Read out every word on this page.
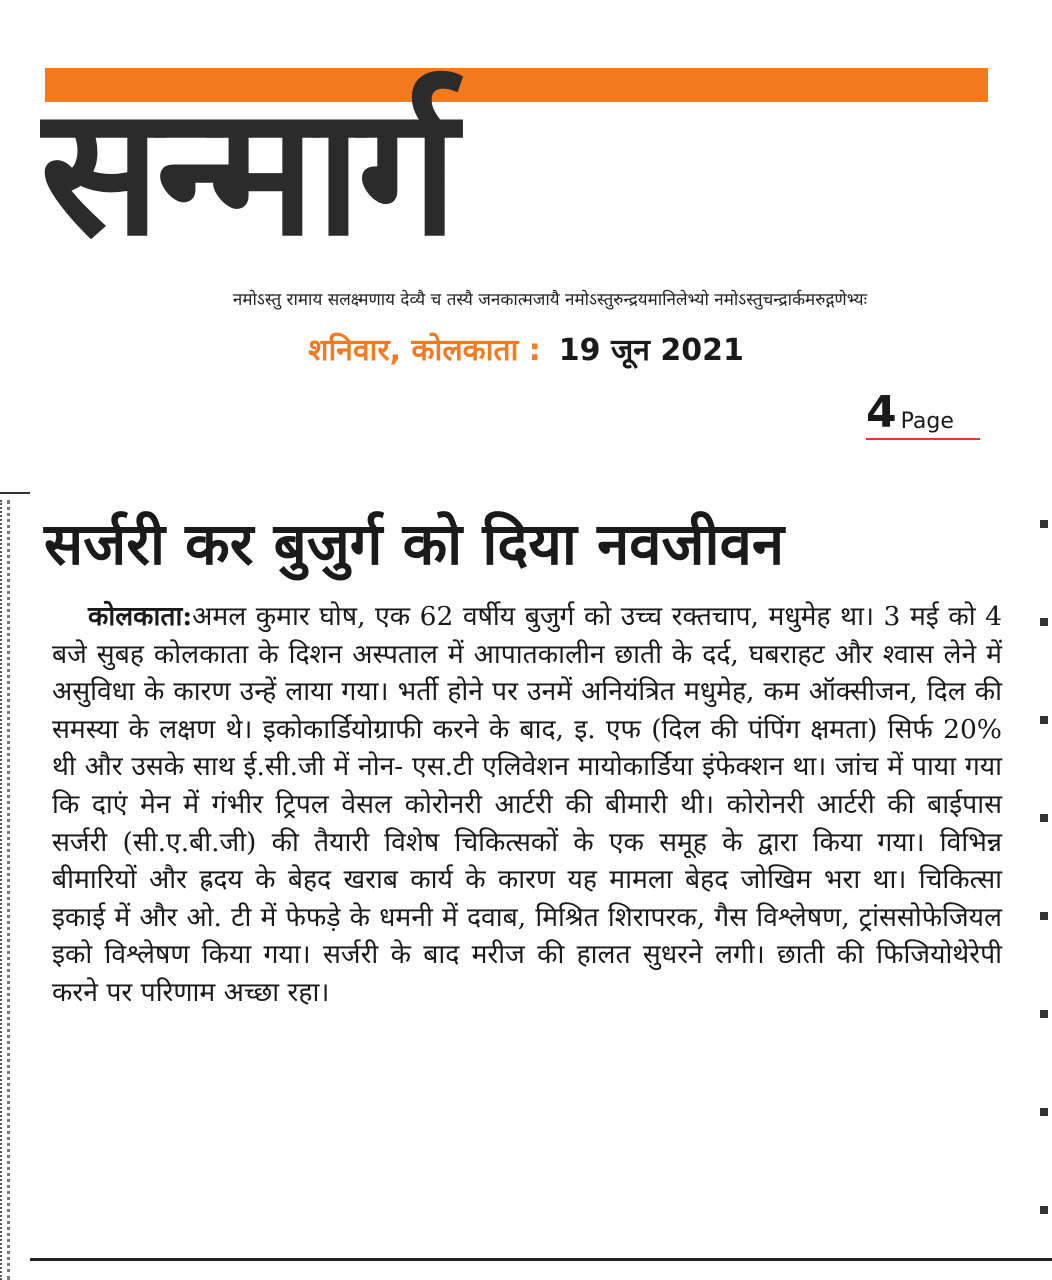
सन्मार्ग
नमोऽस्तु रामाय सलक्ष्मणाय देव्यै च तस्यै जनकात्मजायै नमोऽस्तुरुन्द्रयमानिलेभ्यो नमोऽस्तुचन्द्रार्कमरुद्गणेभ्यः
शनिवार, कोलकाता : 19 जून 2021
4 Page
सर्जरी कर बुजुर्ग को दिया नवजीवन
कोलकाता:अमल कुमार घोष, एक 62 वर्षीय बुजुर्ग को उच्च रक्तचाप, मधुमेह था। 3 मई को 4 बजे सुबह कोलकाता के दिशन अस्पताल में आपातकालीन छाती के दर्द, घबराहट और श्वास लेने में असुविधा के कारण उन्हें लाया गया। भर्ती होने पर उनमें अनियंत्रित मधुमेह, कम ऑक्सीजन, दिल की समस्या के लक्षण थे। इकोकार्डियोग्राफी करने के बाद, इ. एफ (दिल की पंपिंग क्षमता) सिर्फ 20% थी और उसके साथ ई.सी.जी में नोन- एस.टी एलिवेशन मायोकार्डिया इंफेक्शन था। जांच में पाया गया कि दाएं मेन में गंभीर ट्रिपल वेसल कोरोनरी आर्टरी की बीमारी थी। कोरोनरी आर्टरी की बाईपास सर्जरी (सी.ए.बी.जी) की तैयारी विशेष चिकित्सकों के एक समूह के द्वारा किया गया। विभिन्न बीमारियों और ह्रदय के बेहद खराब कार्य के कारण यह मामला बेहद जोखिम भरा था। चिकित्सा इकाई में और ओ. टी में फेफड़े के धमनी में दवाब, मिश्रित शिरापरक, गैस विश्लेषण, ट्रांससोफेजियल इको विश्लेषण किया गया। सर्जरी के बाद मरीज की हालत सुधरने लगी। छाती की फिजियोथेरेपी करने पर परिणाम अच्छा रहा।
